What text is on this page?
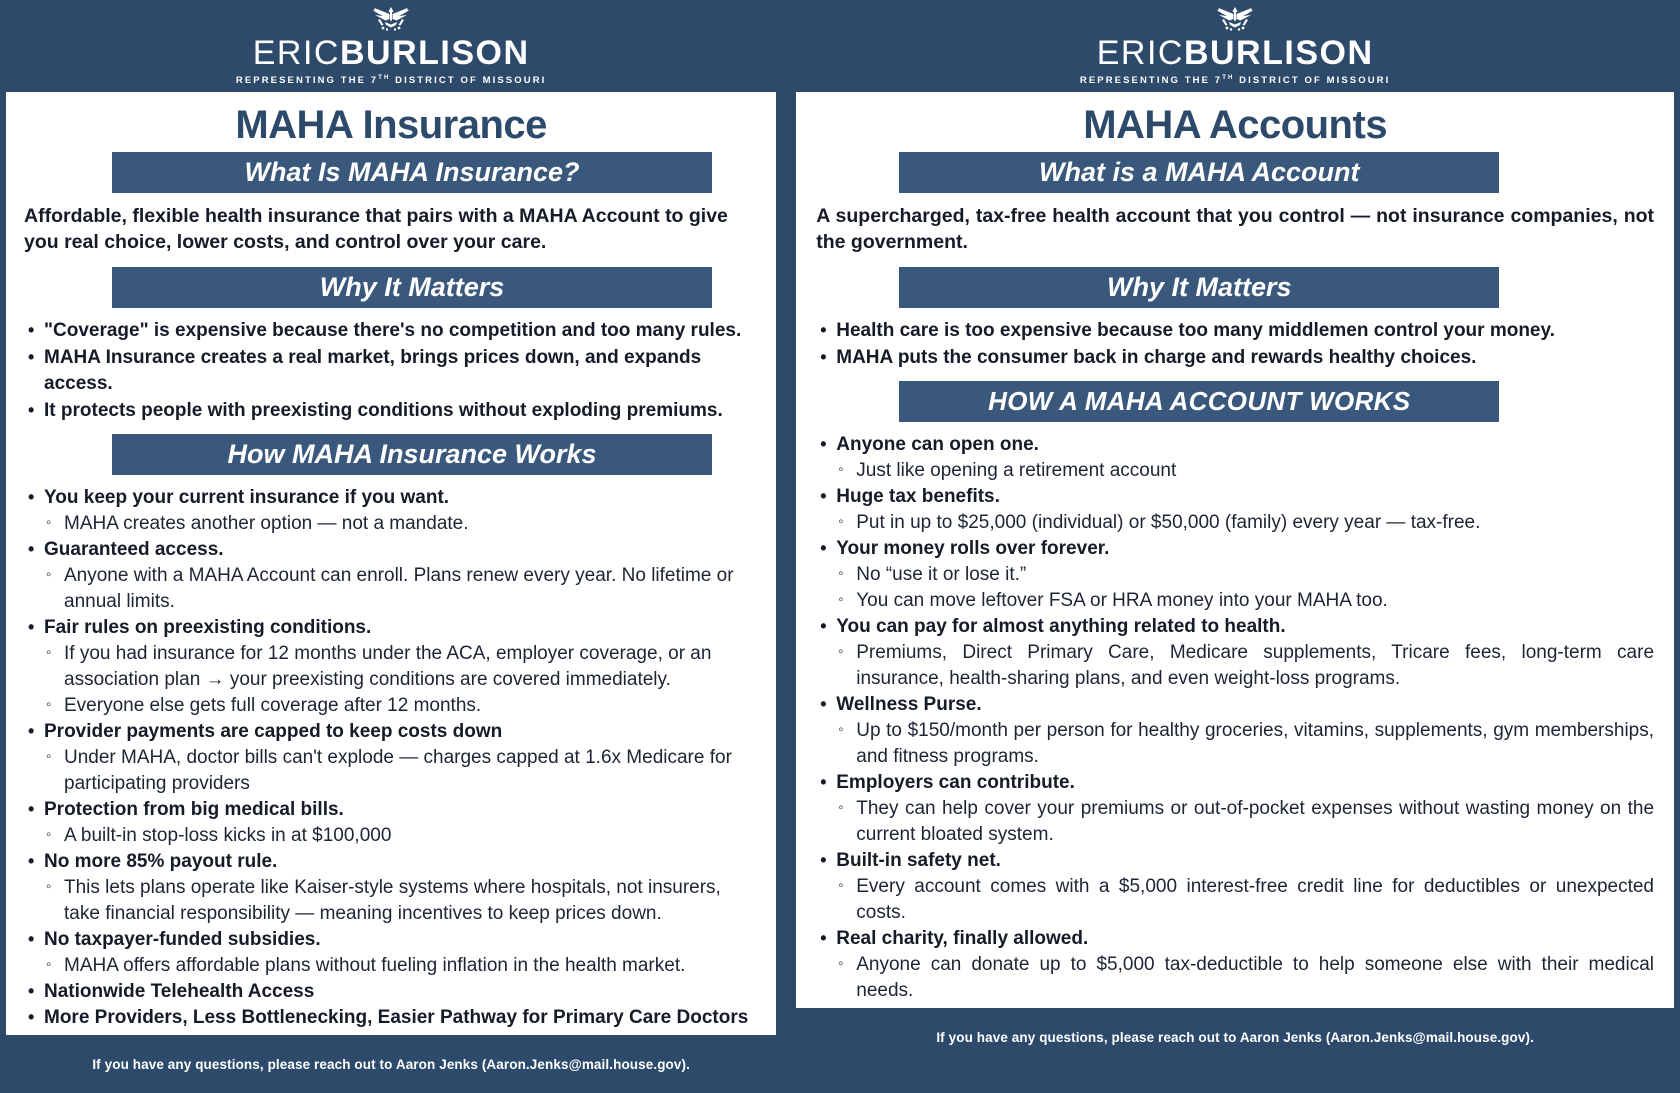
ERICBURLISON
REPRESENTING THE 7TH DISTRICT OF MISSOURI
MAHA Insurance
What Is MAHA Insurance?
Affordable, flexible health insurance that pairs with a MAHA Account to give you real choice, lower costs, and control over your care.
Why It Matters
• "Coverage" is expensive because there's no competition and too many rules.
• MAHA Insurance creates a real market, brings prices down, and expands access.
• It protects people with preexisting conditions without exploding premiums.
How MAHA Insurance Works
• You keep your current insurance if you want.
◦ MAHA creates another option — not a mandate.
• Guaranteed access.
◦ Anyone with a MAHA Account can enroll. Plans renew every year. No lifetime or annual limits.
• Fair rules on preexisting conditions.
◦ If you had insurance for 12 months under the ACA, employer coverage, or an association plan → your preexisting conditions are covered immediately.
◦ Everyone else gets full coverage after 12 months.
• Provider payments are capped to keep costs down
◦ Under MAHA, doctor bills can't explode — charges capped at 1.6x Medicare for participating providers
• Protection from big medical bills.
◦ A built-in stop-loss kicks in at $100,000
• No more 85% payout rule.
◦ This lets plans operate like Kaiser-style systems where hospitals, not insurers, take financial responsibility — meaning incentives to keep prices down.
• No taxpayer-funded subsidies.
◦ MAHA offers affordable plans without fueling inflation in the health market.
• Nationwide Telehealth Access
• More Providers, Less Bottlenecking, Easier Pathway for Primary Care Doctors
If you have any questions, please reach out to Aaron Jenks (Aaron.Jenks@mail.house.gov).
ERICBURLISON
REPRESENTING THE 7TH DISTRICT OF MISSOURI
MAHA Accounts
What is a MAHA Account
A supercharged, tax-free health account that you control — not insurance companies, not the government.
Why It Matters
• Health care is too expensive because too many middlemen control your money.
• MAHA puts the consumer back in charge and rewards healthy choices.
HOW A MAHA ACCOUNT WORKS
• Anyone can open one.
◦ Just like opening a retirement account
• Huge tax benefits.
◦ Put in up to $25,000 (individual) or $50,000 (family) every year — tax-free.
• Your money rolls over forever.
◦ No “use it or lose it.”
◦ You can move leftover FSA or HRA money into your MAHA too.
• You can pay for almost anything related to health.
◦ Premiums, Direct Primary Care, Medicare supplements, Tricare fees, long-term care insurance, health-sharing plans, and even weight-loss programs.
• Wellness Purse.
◦ Up to $150/month per person for healthy groceries, vitamins, supplements, gym memberships, and fitness programs.
• Employers can contribute.
◦ They can help cover your premiums or out-of-pocket expenses without wasting money on the current bloated system.
• Built-in safety net.
◦ Every account comes with a $5,000 interest-free credit line for deductibles or unexpected costs.
• Real charity, finally allowed.
◦ Anyone can donate up to $5,000 tax-deductible to help someone else with their medical needs.
If you have any questions, please reach out to Aaron Jenks (Aaron.Jenks@mail.house.gov).
